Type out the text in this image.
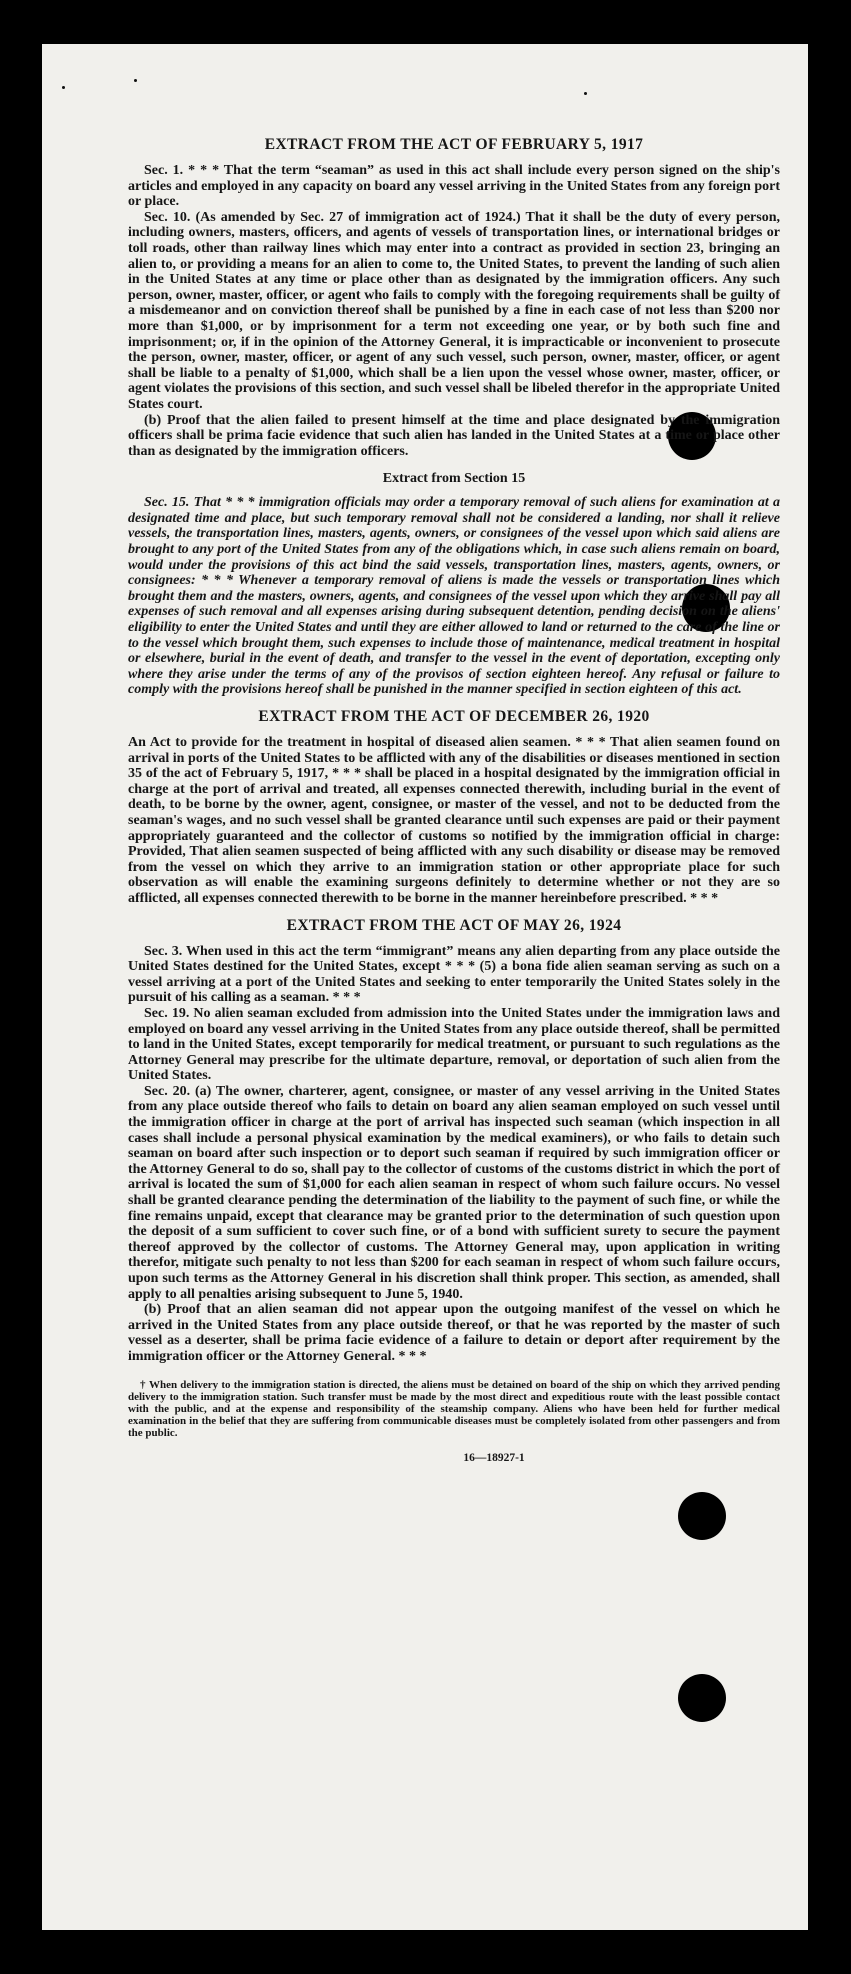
EXTRACT FROM THE ACT OF FEBRUARY 5, 1917

Sec. 1. * * * That the term “seaman” as used in this act shall include every person signed on the ship's articles and employed in any capacity on board any vessel arriving in the United States from any foreign port or place.

Sec. 10. (As amended by Sec. 27 of immigration act of 1924.) That it shall be the duty of every person, including owners, masters, officers, and agents of vessels of transportation lines, or international bridges or toll roads, other than railway lines which may enter into a contract as provided in section 23, bringing an alien to, or providing a means for an alien to come to, the United States, to prevent the landing of such alien in the United States at any time or place other than as designated by the immigration officers. Any such person, owner, master, officer, or agent who fails to comply with the foregoing requirements shall be guilty of a misdemeanor and on conviction thereof shall be punished by a fine in each case of not less than $200 nor more than $1,000, or by imprisonment for a term not exceeding one year, or by both such fine and imprisonment; or, if in the opinion of the Attorney General, it is impracticable or inconvenient to prosecute the person, owner, master, officer, or agent of any such vessel, such person, owner, master, officer, or agent shall be liable to a penalty of $1,000, which shall be a lien upon the vessel whose owner, master, officer, or agent violates the provisions of this section, and such vessel shall be libeled therefor in the appropriate United States court.

(b) Proof that the alien failed to present himself at the time and place designated by the immigration officers shall be prima facie evidence that such alien has landed in the United States at a time or place other than as designated by the immigration officers.

Extract from Section 15

Sec. 15. That * * * immigration officials may order a temporary removal of such aliens for examination at a designated time and place, but such temporary removal shall not be considered a landing, nor shall it relieve vessels, the transportation lines, masters, agents, owners, or consignees of the vessel upon which said aliens are brought to any port of the United States from any of the obligations which, in case such aliens remain on board, would under the provisions of this act bind the said vessels, transportation lines, masters, agents, owners, or consignees: * * * Whenever a temporary removal of aliens is made the vessels or transportation lines which brought them and the masters, owners, agents, and consignees of the vessel upon which they arrive shall pay all expenses of such removal and all expenses arising during subsequent detention, pending decision on the aliens' eligibility to enter the United States and until they are either allowed to land or returned to the care of the line or to the vessel which brought them, such expenses to include those of maintenance, medical treatment in hospital or elsewhere, burial in the event of death, and transfer to the vessel in the event of deportation, excepting only where they arise under the terms of any of the provisos of section eighteen hereof. Any refusal or failure to comply with the provisions hereof shall be punished in the manner specified in section eighteen of this act.

EXTRACT FROM THE ACT OF DECEMBER 26, 1920

An Act to provide for the treatment in hospital of diseased alien seamen. * * * That alien seamen found on arrival in ports of the United States to be afflicted with any of the disabilities or diseases mentioned in section 35 of the act of February 5, 1917, * * * shall be placed in a hospital designated by the immigration official in charge at the port of arrival and treated, all expenses connected therewith, including burial in the event of death, to be borne by the owner, agent, consignee, or master of the vessel, and not to be deducted from the seaman's wages, and no such vessel shall be granted clearance until such expenses are paid or their payment appropriately guaranteed and the collector of customs so notified by the immigration official in charge: Provided, That alien seamen suspected of being afflicted with any such disability or disease may be removed from the vessel on which they arrive to an immigration station or other appropriate place for such observation as will enable the examining surgeons definitely to determine whether or not they are so afflicted, all expenses connected therewith to be borne in the manner hereinbefore prescribed. * * *

EXTRACT FROM THE ACT OF MAY 26, 1924

Sec. 3. When used in this act the term “immigrant” means any alien departing from any place outside the United States destined for the United States, except * * * (5) a bona fide alien seaman serving as such on a vessel arriving at a port of the United States and seeking to enter temporarily the United States solely in the pursuit of his calling as a seaman. * * *

Sec. 19. No alien seaman excluded from admission into the United States under the immigration laws and employed on board any vessel arriving in the United States from any place outside thereof, shall be permitted to land in the United States, except temporarily for medical treatment, or pursuant to such regulations as the Attorney General may prescribe for the ultimate departure, removal, or deportation of such alien from the United States.

Sec. 20. (a) The owner, charterer, agent, consignee, or master of any vessel arriving in the United States from any place outside thereof who fails to detain on board any alien seaman employed on such vessel until the immigration officer in charge at the port of arrival has inspected such seaman (which inspection in all cases shall include a personal physical examination by the medical examiners), or who fails to detain such seaman on board after such inspection or to deport such seaman if required by such immigration officer or the Attorney General to do so, shall pay to the collector of customs of the customs district in which the port of arrival is located the sum of $1,000 for each alien seaman in respect of whom such failure occurs. No vessel shall be granted clearance pending the determination of the liability to the payment of such fine, or while the fine remains unpaid, except that clearance may be granted prior to the determination of such question upon the deposit of a sum sufficient to cover such fine, or of a bond with sufficient surety to secure the payment thereof approved by the collector of customs. The Attorney General may, upon application in writing therefor, mitigate such penalty to not less than $200 for each seaman in respect of whom such failure occurs, upon such terms as the Attorney General in his discretion shall think proper. This section, as amended, shall apply to all penalties arising subsequent to June 5, 1940.

(b) Proof that an alien seaman did not appear upon the outgoing manifest of the vessel on which he arrived in the United States from any place outside thereof, or that he was reported by the master of such vessel as a deserter, shall be prima facie evidence of a failure to detain or deport after requirement by the immigration officer or the Attorney General. * * *

† When delivery to the immigration station is directed, the aliens must be detained on board of the ship on which they arrived pending delivery to the immigration station. Such transfer must be made by the most direct and expeditious route with the least possible contact with the public, and at the expense and responsibility of the steamship company. Aliens who have been held for further medical examination in the belief that they are suffering from communicable diseases must be completely isolated from other passengers and from the public.
16—18927-1
